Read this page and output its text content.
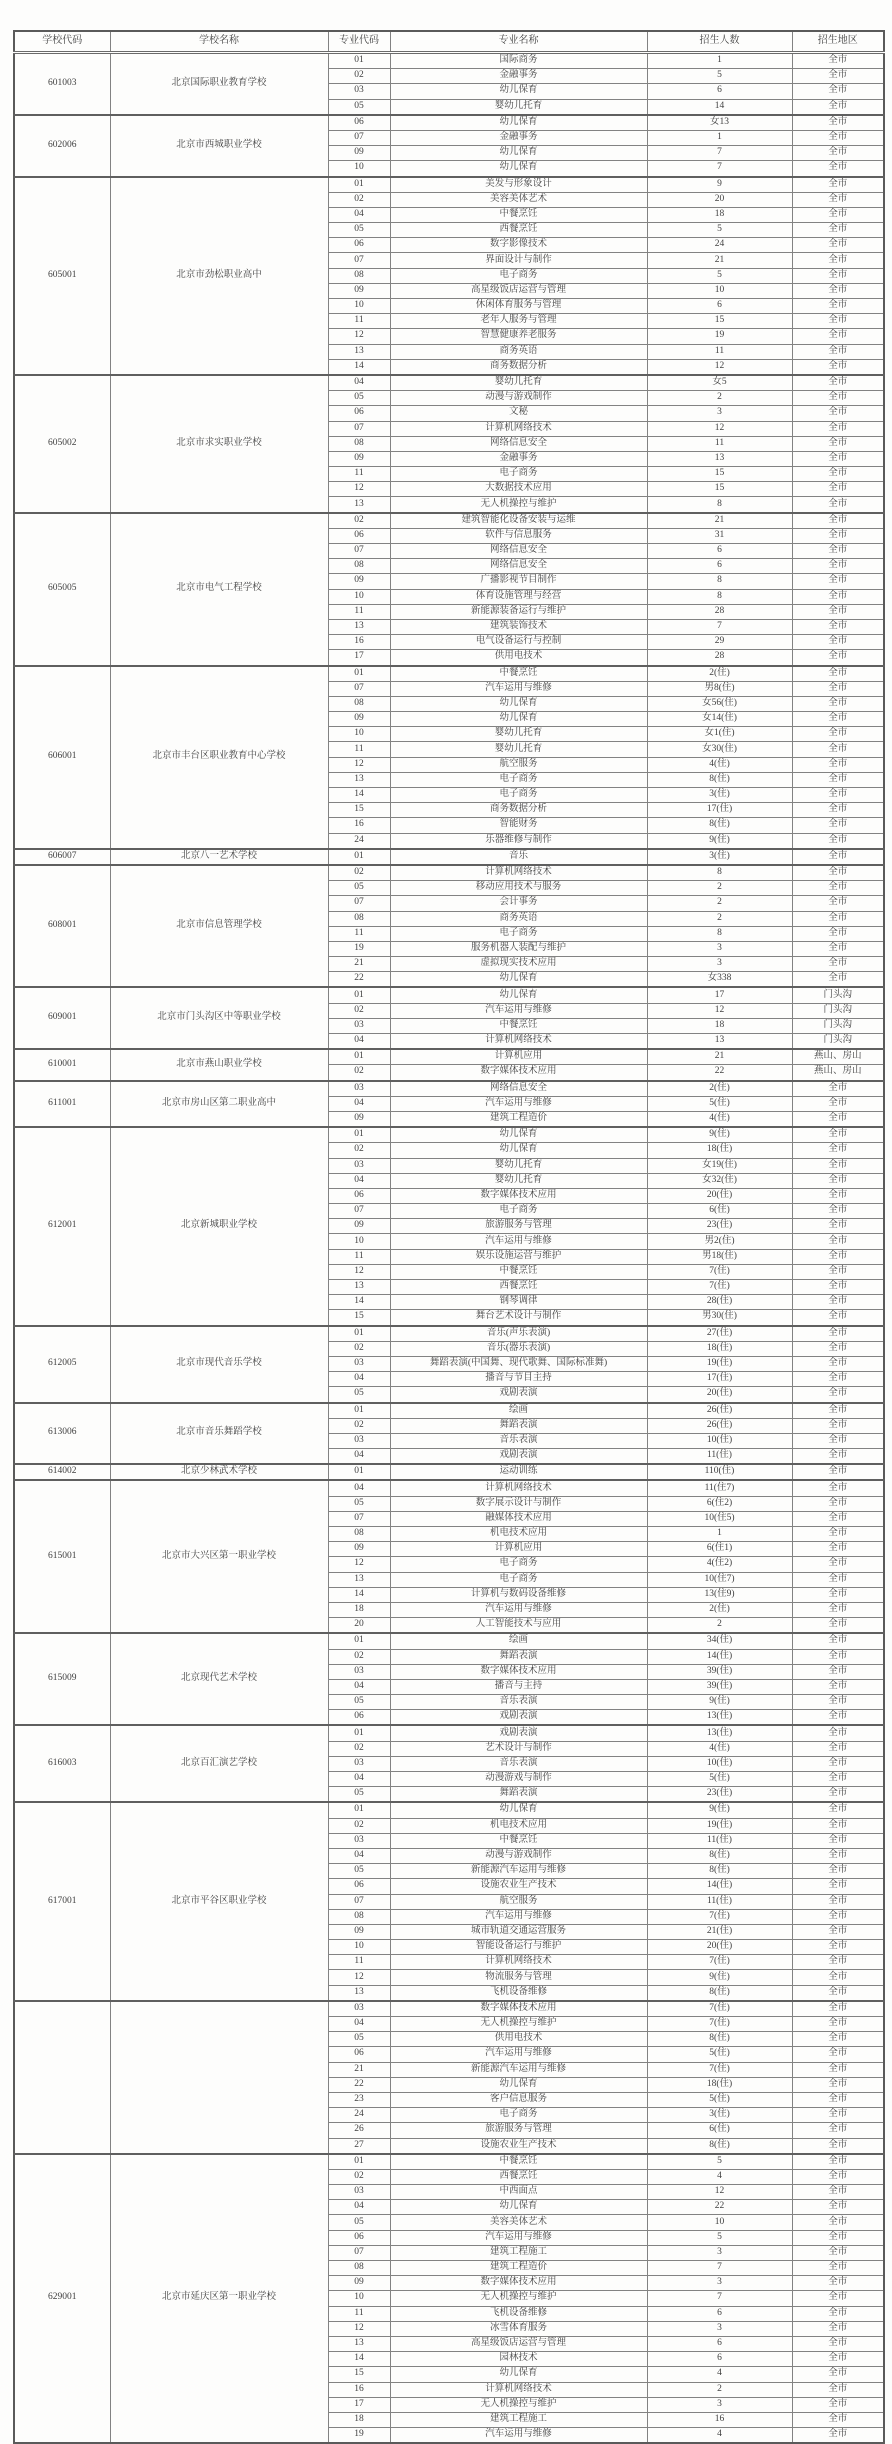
学校代码	学校名称	专业代码	专业名称	招生人数	招生地区
601003	北京国际职业教育学校	01	国际商务	1	全市
		02	金融事务	5	全市
		03	幼儿保育	6	全市
		05	婴幼儿托育	14	全市
602006	北京市西城职业学校	06	幼儿保育	女13	全市
		07	金融事务	1	全市
		09	幼儿保育	7	全市
		10	幼儿保育	7	全市
605001	北京市劲松职业高中	01	美发与形象设计	9	全市
		02	美容美体艺术	20	全市
		04	中餐烹饪	18	全市
		05	西餐烹饪	5	全市
		06	数字影像技术	24	全市
		07	界面设计与制作	21	全市
		08	电子商务	5	全市
		09	高星级饭店运营与管理	10	全市
		10	休闲体育服务与管理	6	全市
		11	老年人服务与管理	15	全市
		12	智慧健康养老服务	19	全市
		13	商务英语	11	全市
		14	商务数据分析	12	全市
605002	北京市求实职业学校	04	婴幼儿托育	女5	全市
		05	动漫与游戏制作	2	全市
		06	文秘	3	全市
		07	计算机网络技术	12	全市
		08	网络信息安全	11	全市
		09	金融事务	13	全市
		11	电子商务	15	全市
		12	大数据技术应用	15	全市
		13	无人机操控与维护	8	全市
605005	北京市电气工程学校	02	建筑智能化设备安装与运维	21	全市
		06	软件与信息服务	31	全市
		07	网络信息安全	6	全市
		08	网络信息安全	6	全市
		09	广播影视节目制作	8	全市
		10	体育设施管理与经营	8	全市
		11	新能源装备运行与维护	28	全市
		13	建筑装饰技术	7	全市
		16	电气设备运行与控制	29	全市
		17	供用电技术	28	全市
606001	北京市丰台区职业教育中心学校	01	中餐烹饪	2(住)	全市
		07	汽车运用与维修	男8(住)	全市
		08	幼儿保育	女56(住)	全市
		09	幼儿保育	女14(住)	全市
		10	婴幼儿托育	女1(住)	全市
		11	婴幼儿托育	女30(住)	全市
		12	航空服务	4(住)	全市
		13	电子商务	8(住)	全市
		14	电子商务	3(住)	全市
		15	商务数据分析	17(住)	全市
		16	智能财务	8(住)	全市
		24	乐器维修与制作	9(住)	全市
606007	北京八一艺术学校	01	音乐	3(住)	全市
608001	北京市信息管理学校	02	计算机网络技术	8	全市
		05	移动应用技术与服务	2	全市
		07	会计事务	2	全市
		08	商务英语	2	全市
		11	电子商务	8	全市
		19	服务机器人装配与维护	3	全市
		21	虚拟现实技术应用	3	全市
		22	幼儿保育	女338	全市
609001	北京市门头沟区中等职业学校	01	幼儿保育	17	门头沟
		02	汽车运用与维修	12	门头沟
		03	中餐烹饪	18	门头沟
		04	计算机网络技术	13	门头沟
610001	北京市燕山职业学校	01	计算机应用	21	燕山、房山
		02	数字媒体技术应用	22	燕山、房山
611001	北京市房山区第二职业高中	03	网络信息安全	2(住)	全市
		04	汽车运用与维修	5(住)	全市
		09	建筑工程造价	4(住)	全市
612001	北京新城职业学校	01	幼儿保育	9(住)	全市
		02	幼儿保育	18(住)	全市
		03	婴幼儿托育	女19(住)	全市
		04	婴幼儿托育	女32(住)	全市
		06	数字媒体技术应用	20(住)	全市
		07	电子商务	6(住)	全市
		09	旅游服务与管理	23(住)	全市
		10	汽车运用与维修	男2(住)	全市
		11	娱乐设施运营与维护	男18(住)	全市
		12	中餐烹饪	7(住)	全市
		13	西餐烹饪	7(住)	全市
		14	钢琴调律	28(住)	全市
		15	舞台艺术设计与制作	男30(住)	全市
612005	北京市现代音乐学校	01	音乐(声乐表演)	27(住)	全市
		02	音乐(器乐表演)	18(住)	全市
		03	舞蹈表演(中国舞、现代歌舞、国际标准舞)	19(住)	全市
		04	播音与节目主持	17(住)	全市
		05	戏剧表演	20(住)	全市
613006	北京市音乐舞蹈学校	01	绘画	26(住)	全市
		02	舞蹈表演	26(住)	全市
		03	音乐表演	10(住)	全市
		04	戏剧表演	11(住)	全市
614002	北京少林武术学校	01	运动训练	110(住)	全市
615001	北京市大兴区第一职业学校	04	计算机网络技术	11(住7)	全市
		05	数字展示设计与制作	6(住2)	全市
		07	融媒体技术应用	10(住5)	全市
		08	机电技术应用	1	全市
		09	计算机应用	6(住1)	全市
		12	电子商务	4(住2)	全市
		13	电子商务	10(住7)	全市
		14	计算机与数码设备维修	13(住9)	全市
		18	汽车运用与维修	2(住)	全市
		20	人工智能技术与应用	2	全市
615009	北京现代艺术学校	01	绘画	34(住)	全市
		02	舞蹈表演	14(住)	全市
		03	数字媒体技术应用	39(住)	全市
		04	播音与主持	39(住)	全市
		05	音乐表演	9(住)	全市
		06	戏剧表演	13(住)	全市
616003	北京百汇演艺学校	01	戏剧表演	13(住)	全市
		02	艺术设计与制作	4(住)	全市
		03	音乐表演	10(住)	全市
		04	动漫游戏与制作	5(住)	全市
		05	舞蹈表演	23(住)	全市
617001	北京市平谷区职业学校	01	幼儿保育	9(住)	全市
		02	机电技术应用	19(住)	全市
		03	中餐烹饪	11(住)	全市
		04	动漫与游戏制作	8(住)	全市
		05	新能源汽车运用与维修	8(住)	全市
		06	设施农业生产技术	14(住)	全市
		07	航空服务	11(住)	全市
		08	汽车运用与维修	7(住)	全市
		09	城市轨道交通运营服务	21(住)	全市
		10	智能设备运行与维护	20(住)	全市
		11	计算机网络技术	7(住)	全市
		12	物流服务与管理	9(住)	全市
		13	飞机设备维修	8(住)	全市
		03	数字媒体技术应用	7(住)	全市
		04	无人机操控与维护	7(住)	全市
		05	供用电技术	8(住)	全市
		06	汽车运用与维修	5(住)	全市
		21	新能源汽车运用与维修	7(住)	全市
		22	幼儿保育	18(住)	全市
		23	客户信息服务	5(住)	全市
		24	电子商务	3(住)	全市
		26	旅游服务与管理	6(住)	全市
		27	设施农业生产技术	8(住)	全市
629001	北京市延庆区第一职业学校	01	中餐烹饪	5	全市
		02	西餐烹饪	4	全市
		03	中西面点	12	全市
		04	幼儿保育	22	全市
		05	美容美体艺术	10	全市
		06	汽车运用与维修	5	全市
		07	建筑工程施工	3	全市
		08	建筑工程造价	7	全市
		09	数字媒体技术应用	3	全市
		10	无人机操控与维护	7	全市
		11	飞机设备维修	6	全市
		12	冰雪体育服务	3	全市
		13	高星级饭店运营与管理	6	全市
		14	园林技术	6	全市
		15	幼儿保育	4	全市
		16	计算机网络技术	2	全市
		17	无人机操控与维护	3	全市
		18	建筑工程施工	16	全市
		19	汽车运用与维修	4	全市
